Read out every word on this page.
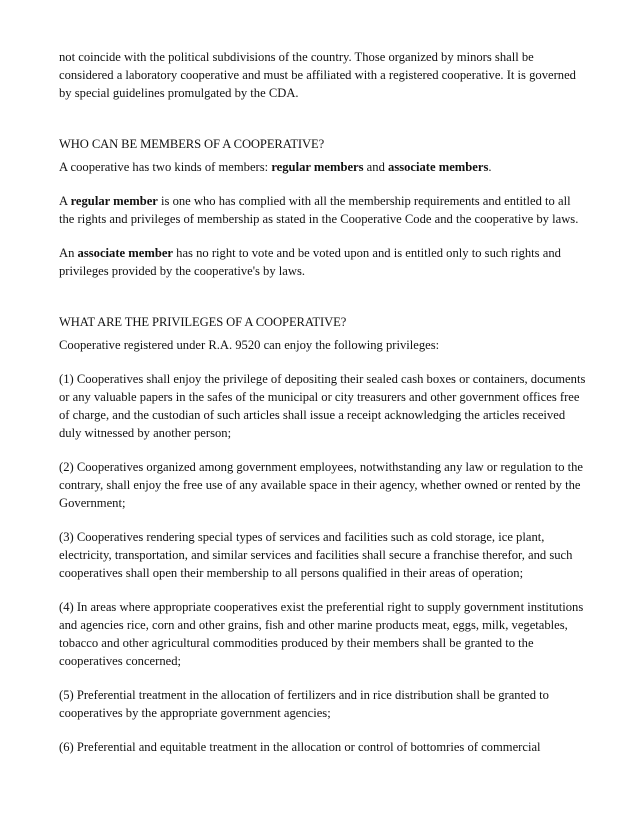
not coincide with the political subdivisions of the country. Those organized by minors shall be considered a laboratory cooperative and must be affiliated with a registered cooperative. It is governed by special guidelines promulgated by the CDA.

WHO CAN BE MEMBERS OF A COOPERATIVE?

A cooperative has two kinds of members: regular members and associate members.

A regular member is one who has complied with all the membership requirements and entitled to all the rights and privileges of membership as stated in the Cooperative Code and the cooperative by laws.

An associate member has no right to vote and be voted upon and is entitled only to such rights and privileges provided by the cooperative's by laws.

WHAT ARE THE PRIVILEGES OF A COOPERATIVE?

Cooperative registered under R.A. 9520 can enjoy the following privileges:

(1) Cooperatives shall enjoy the privilege of depositing their sealed cash boxes or containers, documents or any valuable papers in the safes of the municipal or city treasurers and other government offices free of charge, and the custodian of such articles shall issue a receipt acknowledging the articles received duly witnessed by another person;

(2) Cooperatives organized among government employees, notwithstanding any law or regulation to the contrary, shall enjoy the free use of any available space in their agency, whether owned or rented by the Government;

(3) Cooperatives rendering special types of services and facilities such as cold storage, ice plant, electricity, transportation, and similar services and facilities shall secure a franchise therefor, and such cooperatives shall open their membership to all persons qualified in their areas of operation;

(4) In areas where appropriate cooperatives exist the preferential right to supply government institutions and agencies rice, corn and other grains, fish and other marine products meat, eggs, milk, vegetables, tobacco and other agricultural commodities produced by their members shall be granted to the cooperatives concerned;

(5) Preferential treatment in the allocation of fertilizers and in rice distribution shall be granted to cooperatives by the appropriate government agencies;

(6) Preferential and equitable treatment in the allocation or control of bottomries of commercial
